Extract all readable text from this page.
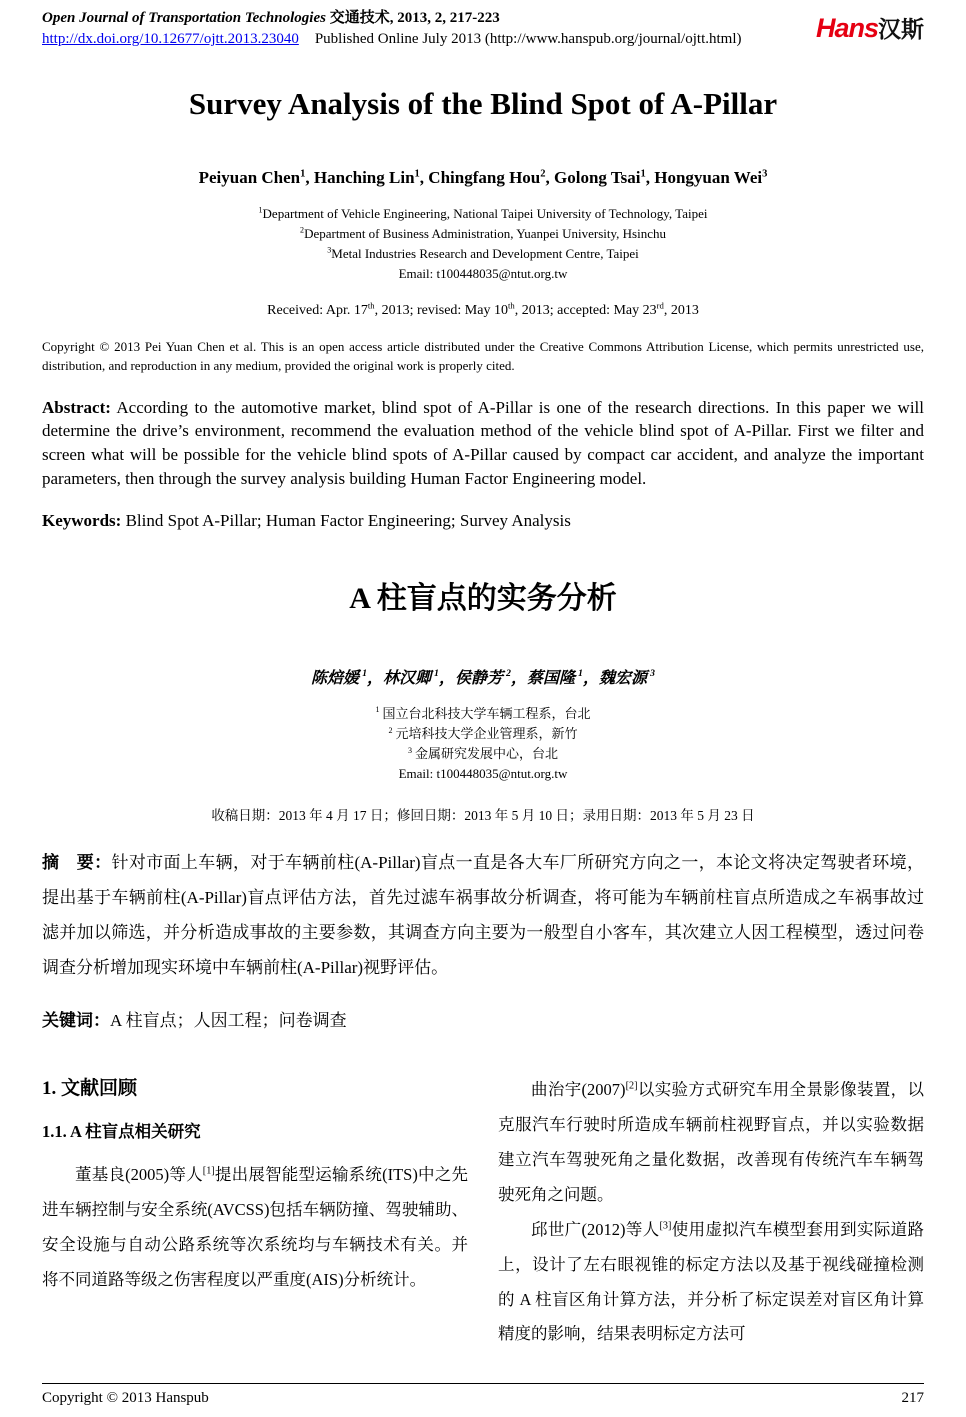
Open Journal of Transportation Technologies 交通技术, 2013, 2, 217-223
http://dx.doi.org/10.12677/ojtt.2013.23040 Published Online July 2013 (http://www.hanspub.org/journal/ojtt.html)	Hans汉斯
Survey Analysis of the Blind Spot of A-Pillar
Peiyuan Chen$^1$, Hanching Lin$^1$, Chingfang Hou$^2$, Golong Tsai$^1$, Hongyuan Wei$^3$
$^1$Department of Vehicle Engineering, National Taipei University of Technology, Taipei
$^2$Department of Business Administration, Yuanpei University, Hsinchu
$^3$Metal Industries Research and Development Centre, Taipei
Email: t100448035@ntut.org.tw
Received: Apr. 17th, 2013; revised: May 10th, 2013; accepted: May 23rd, 2013

Copyright © 2013 Pei Yuan Chen et al. This is an open access article distributed under the Creative Commons Attribution License, which permits unrestricted use, distribution, and reproduction in any medium, provided the original work is properly cited.

Abstract: According to the automotive market, blind spot of A-Pillar is one of the research directions. In this paper we will determine the drive’s environment, recommend the evaluation method of the vehicle blind spot of A-Pillar. First we filter and screen what will be possible for the vehicle blind spots of A-Pillar caused by compact car accident, and analyze the important parameters, then through the survey analysis building Human Factor Engineering model.

Keywords: Blind Spot A-Pillar; Human Factor Engineering; Survey Analysis

A 柱盲点的实务分析
陈焙媛 $^1$，林汉卿 $^1$，侯静芳 $^2$，蔡国隆 $^1$，魏宏源 $^3$
$^1$ 国立台北科技大学车辆工程系，台北
$^2$ 元培科技大学企业管理系，新竹
$^3$ 金属研究发展中心，台北
Email: t100448035@ntut.org.tw
收稿日期：2013 年 4 月 17 日；修回日期：2013 年 5 月 10 日；录用日期：2013 年 5 月 23 日

摘　要：针对市面上车辆，对于车辆前柱(A-Pillar)盲点一直是各大车厂所研究方向之一，本论文将决定驾驶者环境，提出基于车辆前柱(A-Pillar)盲点评估方法，首先过滤车祸事故分析调查，将可能为车辆前柱盲点所造成之车祸事故过滤并加以筛选，并分析造成事故的主要参数，其调查方向主要为一般型自小客车，其次建立人因工程模型，透过问卷调查分析增加现实环境中车辆前柱(A-Pillar)视野评估。

关键词：A 柱盲点；人因工程；问卷调查

1. 文献回顾
1.1. A 柱盲点相关研究

董基良(2005)等人[1]提出展智能型运输系统(ITS)中之先进车辆控制与安全系统(AVCSS)包括车辆防撞、驾驶辅助、安全设施与自动公路系统等次系统均与车辆技术有关。并将不同道路等级之伤害程度以严重度(AIS)分析统计。

曲治宇(2007)[2]以实验方式研究车用全景影像装置，以克服汽车行驶时所造成车辆前柱视野盲点，并以实验数据建立汽车驾驶死角之量化数据，改善现有传统汽车车辆驾驶死角之问题。

邱世广(2012)等人[3]使用虚拟汽车模型套用到实际道路上，设计了左右眼视锥的标定方法以及基于视线碰撞检测的 A 柱盲区角计算方法，并分析了标定误差对盲区角计算精度的影响，结果表明标定方法可

Copyright © 2013 Hanspub	217
